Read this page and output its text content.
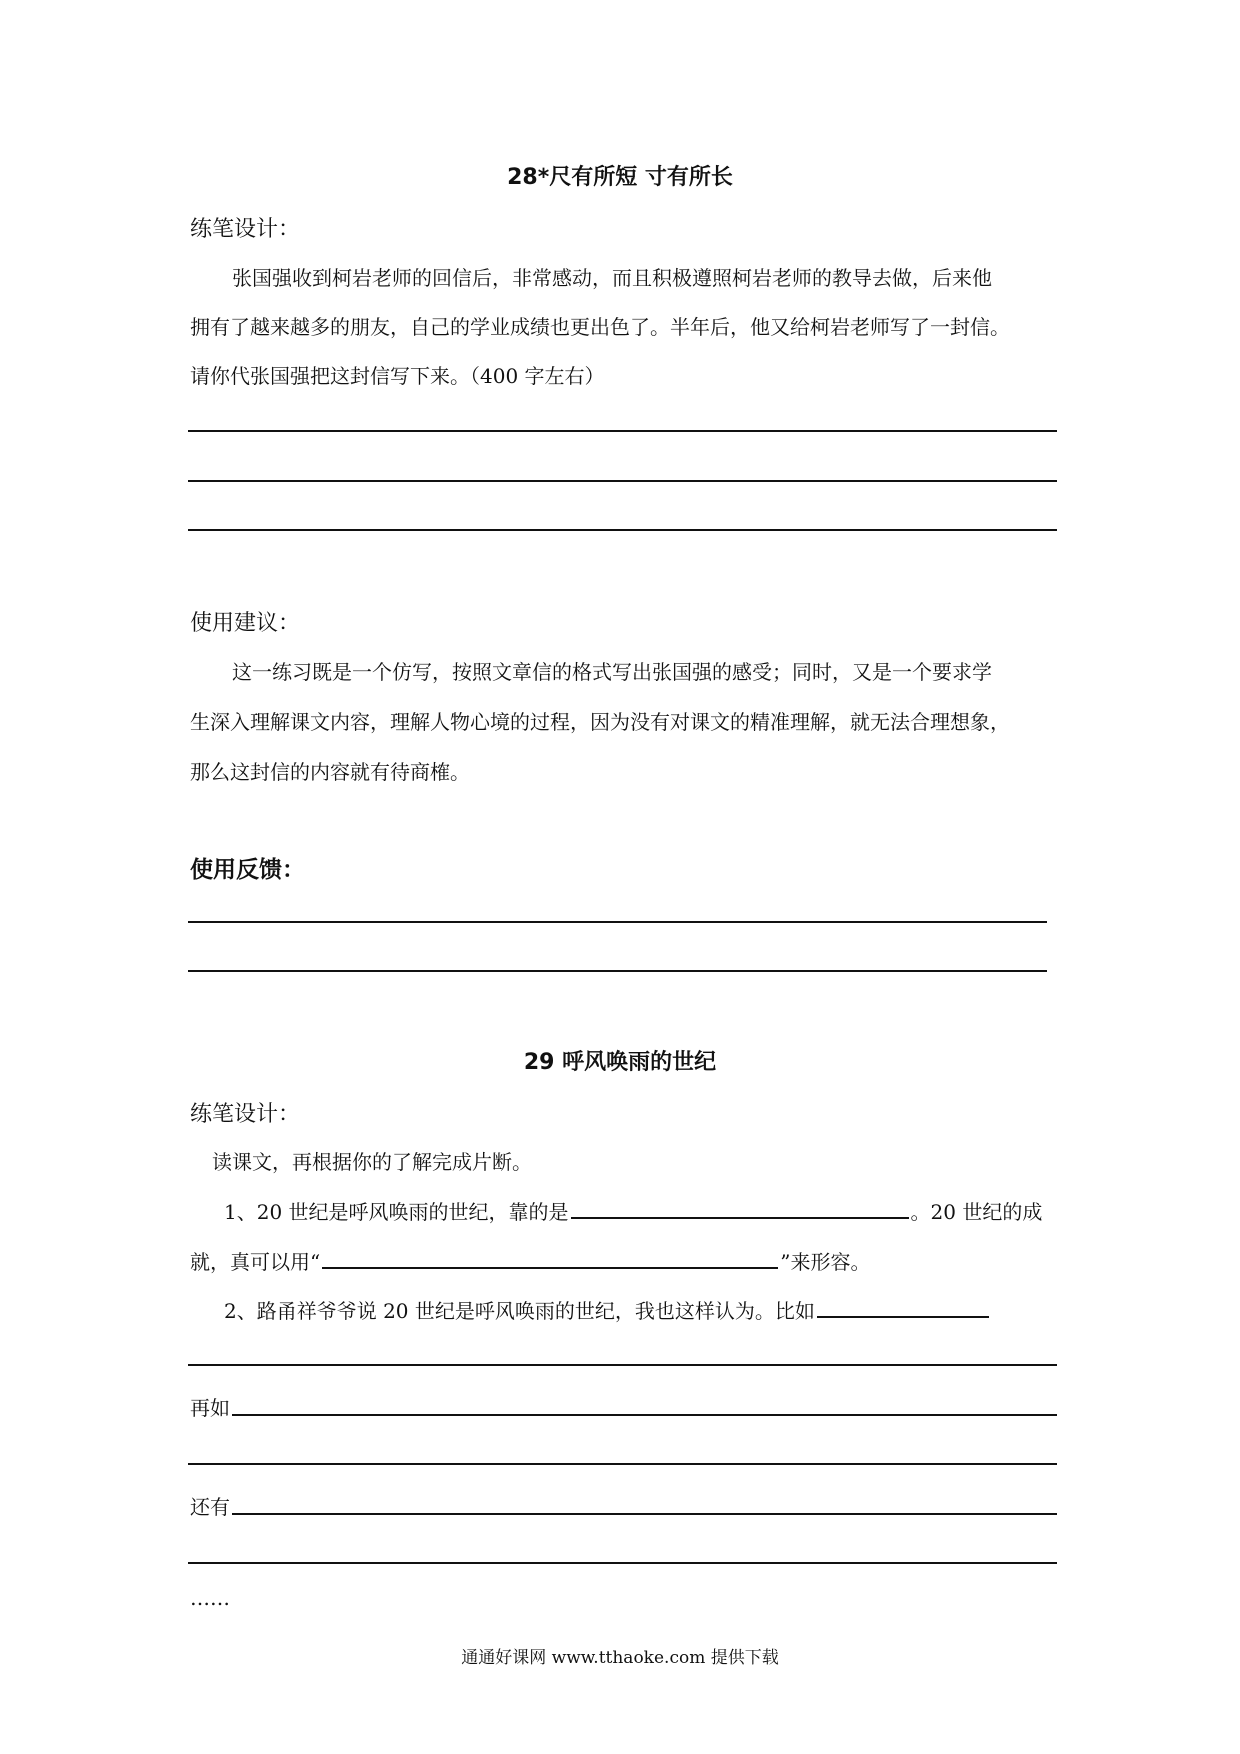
28*尺有所短 寸有所长
练笔设计：
张国强收到柯岩老师的回信后，非常感动，而且积极遵照柯岩老师的教导去做，后来他
拥有了越来越多的朋友，自己的学业成绩也更出色了。半年后，他又给柯岩老师写了一封信。
请你代张国强把这封信写下来。（400 字左右）
使用建议：
这一练习既是一个仿写，按照文章信的格式写出张国强的感受；同时，又是一个要求学
生深入理解课文内容，理解人物心境的过程，因为没有对课文的精准理解，就无法合理想象，
那么这封信的内容就有待商榷。
使用反馈：
29 呼风唤雨的世纪
练笔设计：
读课文，再根据你的了解完成片断。
1、20 世纪是呼风唤雨的世纪，靠的是	。20 世纪的成
就，真可以用“	”来形容。
2、路甬祥爷爷说 20 世纪是呼风唤雨的世纪，我也这样认为。比如
再如
还有
……
通通好课网 www.tthaoke.com 提供下载
